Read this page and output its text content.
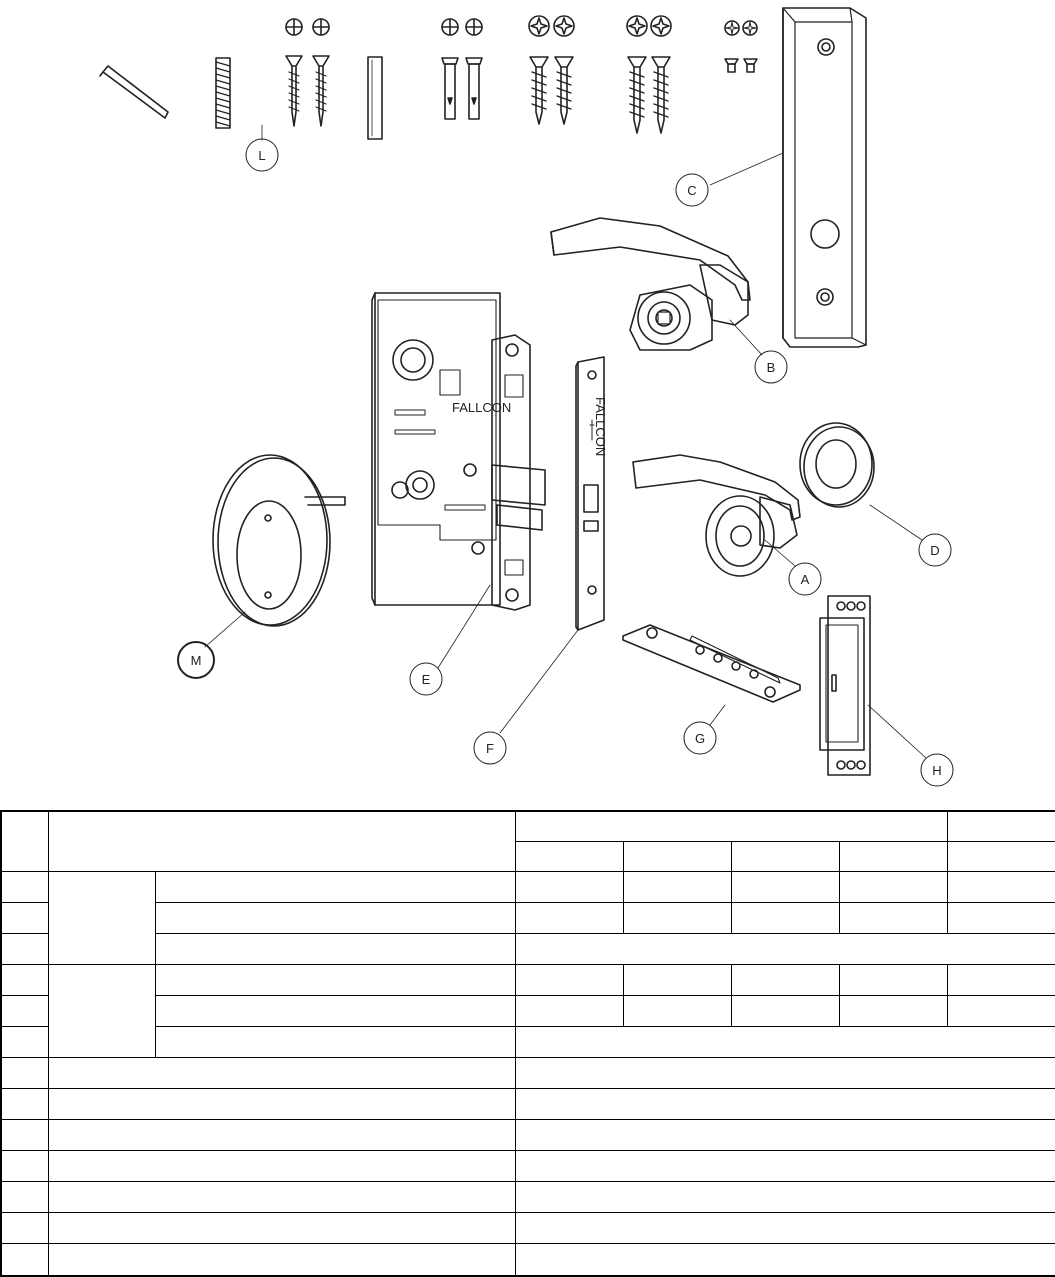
FALLCON	FALLCON
L
C
B
A
D
M
E
G
F
H
